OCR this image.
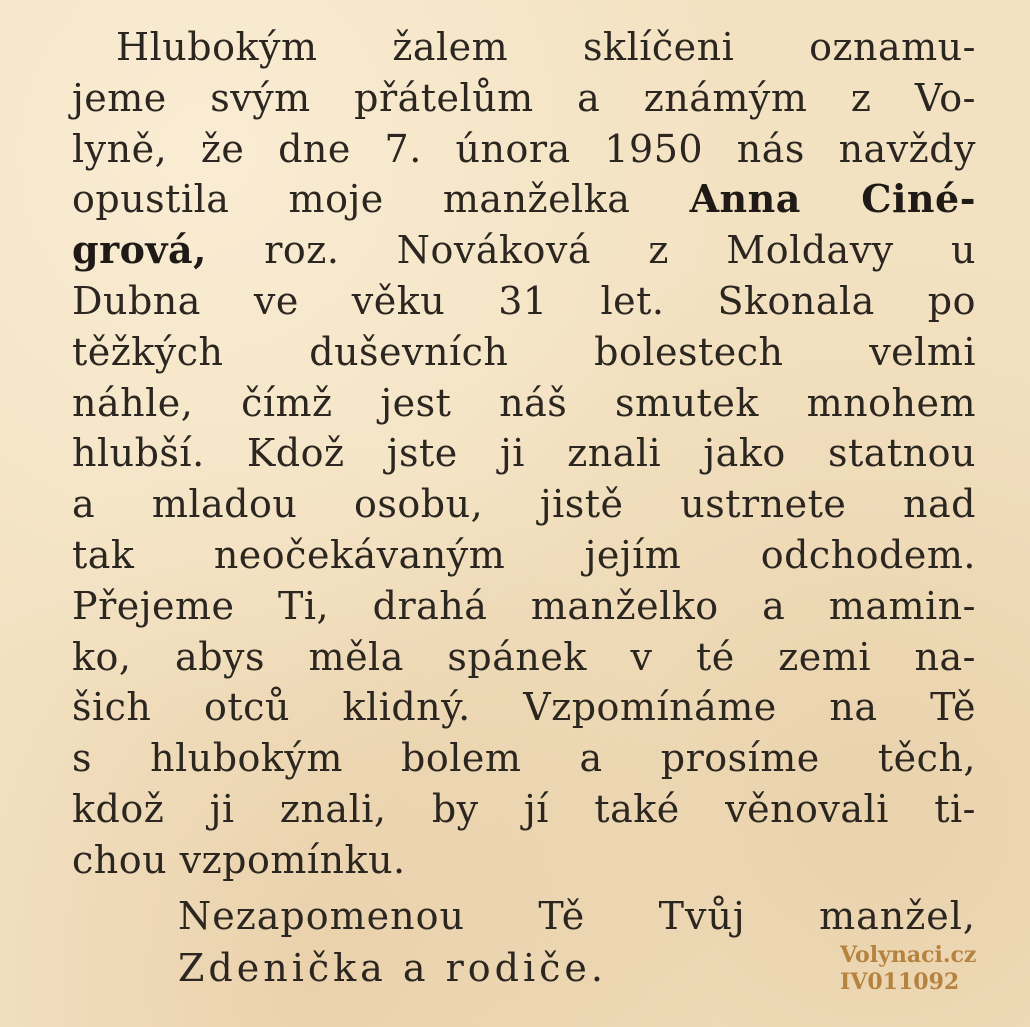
Hlubokým žalem sklíčeni oznamu-
jeme svým přátelům a známým z Vo-
lyně, že dne 7. února 1950 nás navždy
opustila moje manželka Anna Ciné-
grová, roz. Nováková z Moldavy u
Dubna ve věku 31 let. Skonala po
těžkých duševních bolestech velmi
náhle, čímž jest náš smutek mnohem
hlubší. Kdož jste ji znali jako statnou
a mladou osobu, jistě ustrnete nad
tak neočekávaným jejím odchodem.
Přejeme Ti, drahá manželko a mamin-
ko, abys měla spánek v té zemi na-
šich otců klidný. Vzpomínáme na Tě
s hlubokým bolem a prosíme těch,
kdož ji znali, by jí také věnovali ti-
chou vzpomínku.
Nezapomenou Tě Tvůj manžel,
Zdenička a rodiče.	Volynaci.cz
IV011092
